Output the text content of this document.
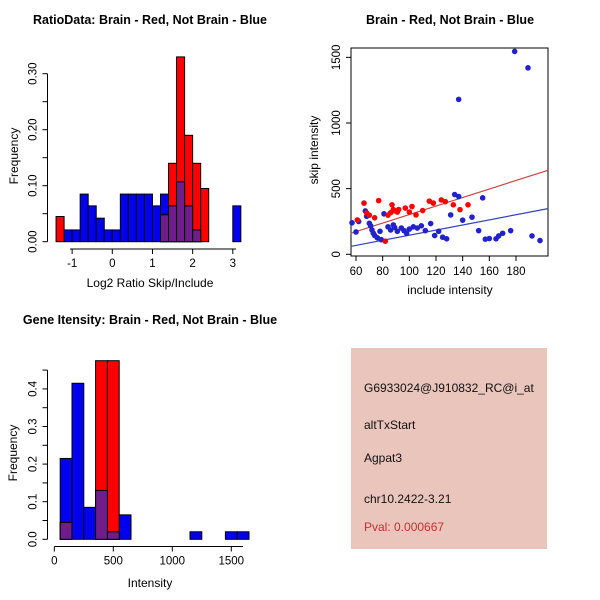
RatioData: Brain - Red, Not Brain - Blue
Frequency
0.00
0.10
0.20
0.30
-1	0	1	2	3
Log2 Ratio Skip/Include
Brain - Red, Not Brain - Blue
skip intensity
0
500
1000
1500
60 80 100 120 140 160 180
include intensity
Gene Itensity: Brain - Red, Not Brain - Blue
Frequency
0.0
0.1
0.2
0.3
0.4
0	500	1000	1500
Intensity
G6933024@J910832_RC@i_at
altTxStart
Agpat3
chr10.2422-3.21
Pval: 0.000667
